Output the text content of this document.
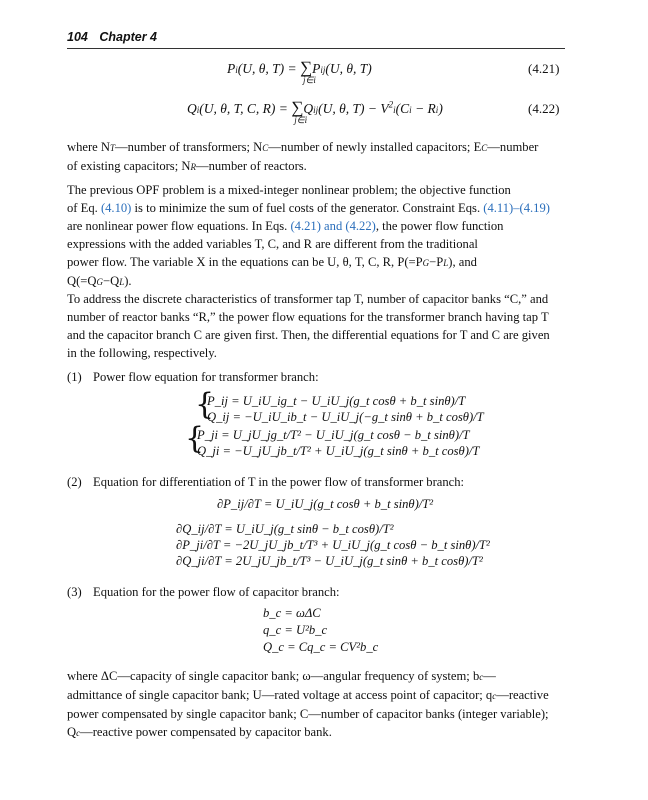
104 Chapter 4
Pi(U, θ, T) = ∑
j∈i
Pij(U, θ, T)	(4.21)
Qi(U, θ, T, C, R) = ∑
j∈i
Qij(U, θ, $T) - V^2i(Ci - Ri)$	(4.22)
where NT—number of transformers; NC—number of newly installed capacitors; EC—number
of existing capacitors; NR—number of reactors.
The previous OPF problem is a mixed-integer nonlinear problem; the objective function
of Eq. (4.10) is to minimize the sum of fuel costs of the generator. Constraint Eqs. (4.11)–(4.19)
are nonlinear power flow equations. In Eqs. (4.21) and (4.22), the power flow function
expressions with the added variables T, C, and R are different from the traditional
power flow. The variable X in the equations can be U, θ, T, C, R, P(=PG−PL), and
Q(=QG−QL).
To address the discrete characteristics of transformer tap T, number of capacitor banks “C,” and
number of reactor banks “R,” the power flow equations for the transformer branch having tap T
and the capacitor branch C are given first. Then, the differential equations for T and C are given
in the following, respectively.
(1) Power flow equation for transformer branch:
{
P_ij = U_iU_ig_t − U_iU_j(g_t cosθ + b_t sinθ)/T
Q_ij = −U_iU_ib_t − U_iU_j(−g_t sinθ + b_t cosθ)/T
{
P_ji = U_jU_jg_t/T² − U_iU_j(g_t cosθ − b_t sinθ)/T
Q_ji = −U_jU_jb_t/T² + U_iU_j(g_t sinθ + b_t cosθ)/T
(2) Equation for differentiation of T in the power flow of transformer branch:
∂P_ij/∂T = U_iU_j(g_t cosθ + b_t sinθ)/T²
∂Q_ij/∂T = U_iU_j(g_t sinθ − b_t cosθ)/T²
∂P_ji/∂T = −2U_jU_jb_t/T³ + U_iU_j(g_t cosθ − b_t sinθ)/T²
∂Q_ji/∂T = 2U_jU_jb_t/T³ − U_iU_j(g_t sinθ + b_t cosθ)/T²
(3) Equation for the power flow of capacitor branch:
b_c = ωΔC
q_c = U²b_c
Q_c = Cq_c = CV²b_c
where ΔC—capacity of single capacitor bank; ω—angular frequency of system; bc—
admittance of single capacitor bank; U—rated voltage at access point of capacitor; qc—reactive
power compensated by single capacitor bank; C—number of capacitor banks (integer variable);
Qc—reactive power compensated by capacitor bank.
